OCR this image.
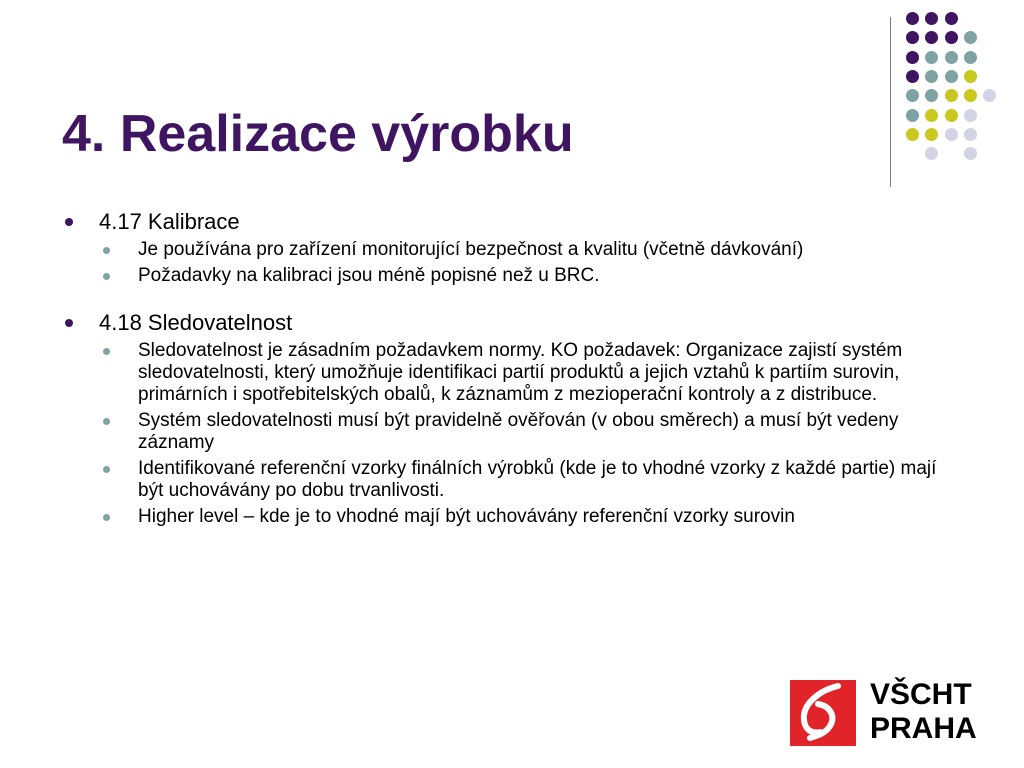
4. Realizace výrobku
4.17 Kalibrace
Je používána pro zařízení monitorující bezpečnost a kvalitu (včetně dávkování)
Požadavky na kalibraci jsou méně popisné než u BRC.
4.18 Sledovatelnost
Sledovatelnost je zásadním požadavkem normy. KO požadavek: Organizace zajistí systém sledovatelnosti, který umožňuje identifikaci partií produktů a jejich vztahů k partiím surovin, primárních i spotřebitelských obalů, k záznamům z mezioperační kontroly a z distribuce.
Systém sledovatelnosti musí být pravidelně ověřován (v obou směrech) a musí být vedeny záznamy
Identifikované referenční vzorky finálních výrobků (kde je to vhodné vzorky z každé partie) mají být uchovávány po dobu trvanlivosti.
Higher level – kde je to vhodné mají být uchovávány referenční vzorky surovin
VŠCHT
PRAHA
